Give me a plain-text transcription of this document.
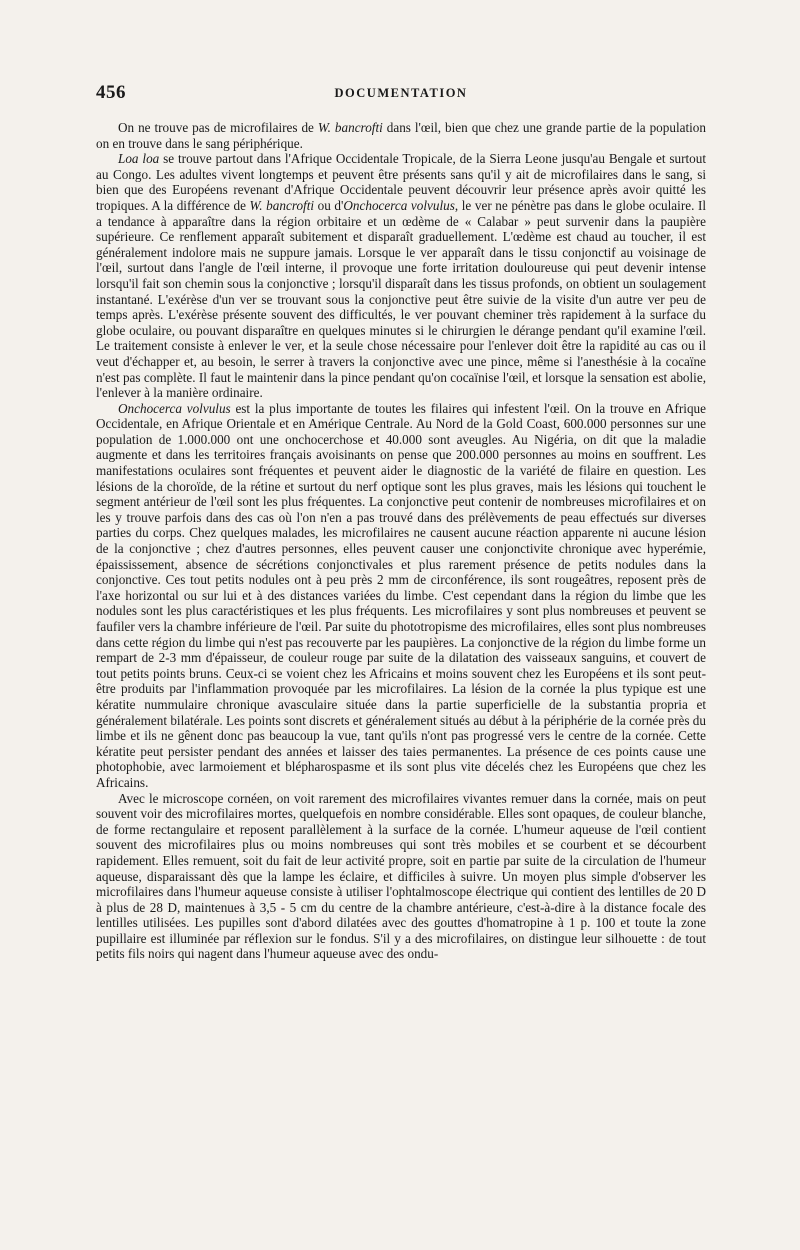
456	DOCUMENTATION

On ne trouve pas de microfilaires de W. bancrofti dans l'œil, bien que chez une grande partie de la population on en trouve dans le sang périphérique.

Loa loa se trouve partout dans l'Afrique Occidentale Tropicale, de la Sierra Leone jusqu'au Bengale et surtout au Congo. Les adultes vivent longtemps et peuvent être présents sans qu'il y ait de microfilaires dans le sang, si bien que des Européens revenant d'Afrique Occidentale peuvent découvrir leur présence après avoir quitté les tropiques. A la différence de W. bancrofti ou d'Onchocerca volvulus, le ver ne pénètre pas dans le globe oculaire. Il a tendance à apparaître dans la région orbitaire et un œdème de « Calabar » peut survenir dans la paupière supérieure. Ce renflement apparaît subitement et disparaît graduellement. L'œdème est chaud au toucher, il est généralement indolore mais ne suppure jamais. Lorsque le ver apparaît dans le tissu conjonctif au voisinage de l'œil, surtout dans l'angle de l'œil interne, il provoque une forte irritation douloureuse qui peut devenir intense lorsqu'il fait son chemin sous la conjonctive ; lorsqu'il disparaît dans les tissus profonds, on obtient un soulagement instantané. L'exérèse d'un ver se trouvant sous la conjonctive peut être suivie de la visite d'un autre ver peu de temps après. L'exérèse présente souvent des difficultés, le ver pouvant cheminer très rapidement à la surface du globe oculaire, ou pouvant disparaître en quelques minutes si le chirurgien le dérange pendant qu'il examine l'œil. Le traitement consiste à enlever le ver, et la seule chose nécessaire pour l'enlever doit être la rapidité au cas ou il veut d'échapper et, au besoin, le serrer à travers la conjonctive avec une pince, même si l'anesthésie à la cocaïne n'est pas complète. Il faut le maintenir dans la pince pendant qu'on cocaïnise l'œil, et lorsque la sensation est abolie, l'enlever à la manière ordinaire.

Onchocerca volvulus est la plus importante de toutes les filaires qui infestent l'œil. On la trouve en Afrique Occidentale, en Afrique Orientale et en Amérique Centrale. Au Nord de la Gold Coast, 600.000 personnes sur une population de 1.000.000 ont une onchocerchose et 40.000 sont aveugles. Au Nigéria, on dit que la maladie augmente et dans les territoires français avoisinants on pense que 200.000 personnes au moins en souffrent. Les manifestations oculaires sont fréquentes et peuvent aider le diagnostic de la variété de filaire en question. Les lésions de la choroïde, de la rétine et surtout du nerf optique sont les plus graves, mais les lésions qui touchent le segment antérieur de l'œil sont les plus fréquentes. La conjonctive peut contenir de nombreuses microfilaires et on les y trouve parfois dans des cas où l'on n'en a pas trouvé dans des prélèvements de peau effectués sur diverses parties du corps. Chez quelques malades, les microfilaires ne causent aucune réaction apparente ni aucune lésion de la conjonctive ; chez d'autres personnes, elles peuvent causer une conjonctivite chronique avec hyperémie, épaississement, absence de sécrétions conjonctivales et plus rarement présence de petits nodules dans la conjonctive. Ces tout petits nodules ont à peu près 2 mm de circonférence, ils sont rougeâtres, reposent près de l'axe horizontal ou sur lui et à des distances variées du limbe. C'est cependant dans la région du limbe que les nodules sont les plus caractéristiques et les plus fréquents. Les microfilaires y sont plus nombreuses et peuvent se faufiler vers la chambre inférieure de l'œil. Par suite du phototropisme des microfilaires, elles sont plus nombreuses dans cette région du limbe qui n'est pas recouverte par les paupières. La conjonctive de la région du limbe forme un rempart de 2-3 mm d'épaisseur, de couleur rouge par suite de la dilatation des vaisseaux sanguins, et couvert de tout petits points bruns. Ceux-ci se voient chez les Africains et moins souvent chez les Européens et ils sont peut-être produits par l'inflammation provoquée par les microfilaires. La lésion de la cornée la plus typique est une kératite nummulaire chronique avasculaire située dans la partie superficielle de la substantia propria et généralement bilatérale. Les points sont discrets et généralement situés au début à la périphérie de la cornée près du limbe et ils ne gênent donc pas beaucoup la vue, tant qu'ils n'ont pas progressé vers le centre de la cornée. Cette kératite peut persister pendant des années et laisser des taies permanentes. La présence de ces points cause une photophobie, avec larmoiement et blépharospasme et ils sont plus vite décelés chez les Européens que chez les Africains.

Avec le microscope cornéen, on voit rarement des microfilaires vivantes remuer dans la cornée, mais on peut souvent voir des microfilaires mortes, quelquefois en nombre considérable. Elles sont opaques, de couleur blanche, de forme rectangulaire et reposent parallèlement à la surface de la cornée. L'humeur aqueuse de l'œil contient souvent des microfilaires plus ou moins nombreuses qui sont très mobiles et se courbent et se décourbent rapidement. Elles remuent, soit du fait de leur activité propre, soit en partie par suite de la circulation de l'humeur aqueuse, disparaissant dès que la lampe les éclaire, et difficiles à suivre. Un moyen plus simple d'observer les microfilaires dans l'humeur aqueuse consiste à utiliser l'ophtalmoscope électrique qui contient des lentilles de 20 D à plus de 28 D, maintenues à 3,5 - 5 cm du centre de la chambre antérieure, c'est-à-dire à la distance focale des lentilles utilisées. Les pupilles sont d'abord dilatées avec des gouttes d'homatropine à 1 p. 100 et toute la zone pupillaire est illuminée par réflexion sur le fondus. S'il y a des microfilaires, on distingue leur silhouette : de tout petits fils noirs qui nagent dans l'humeur aqueuse avec des ondu-
